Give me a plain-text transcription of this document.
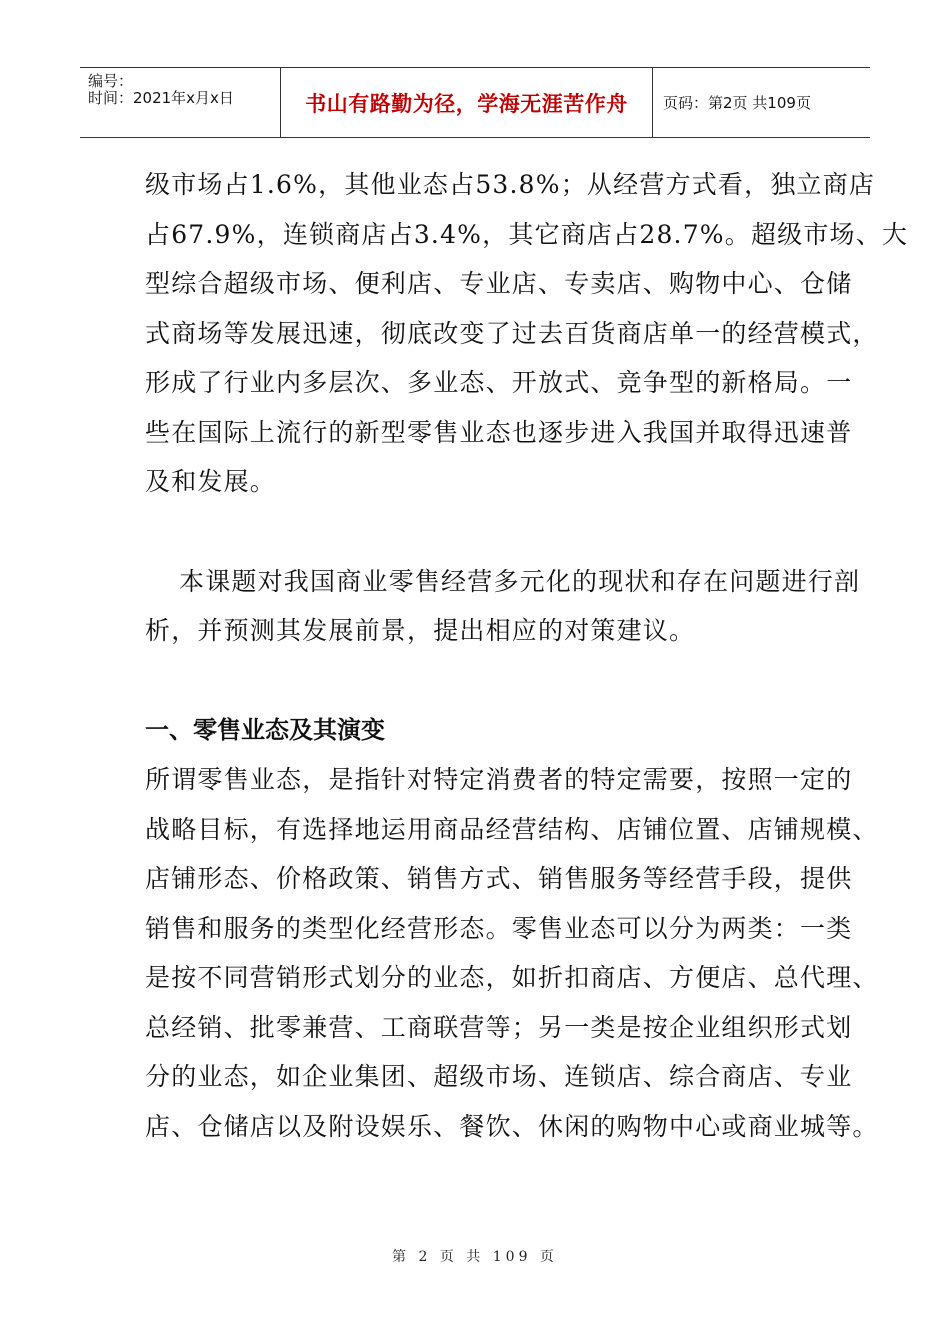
编号：
时间：2021年x月x日	书山有路勤为径，学海无涯苦作舟 页码：第2页 共109页
级市场占1.6%，其他业态占53.8%；从经营方式看，独立商店
占67.9%，连锁商店占3.4%，其它商店占28.7%。超级市场、大
型综合超级市场、便利店、专业店、专卖店、购物中心、仓储
式商场等发展迅速，彻底改变了过去百货商店单一的经营模式，
形成了行业内多层次、多业态、开放式、竞争型的新格局。一
些在国际上流行的新型零售业态也逐步进入我国并取得迅速普
及和发展。
本课题对我国商业零售经营多元化的现状和存在问题进行剖
析，并预测其发展前景，提出相应的对策建议。
一、零售业态及其演变
所谓零售业态，是指针对特定消费者的特定需要，按照一定的
战略目标，有选择地运用商品经营结构、店铺位置、店铺规模、
店铺形态、价格政策、销售方式、销售服务等经营手段，提供
销售和服务的类型化经营形态。零售业态可以分为两类：一类
是按不同营销形式划分的业态，如折扣商店、方便店、总代理、
总经销、批零兼营、工商联营等；另一类是按企业组织形式划
分的业态，如企业集团、超级市场、连锁店、综合商店、专业
店、仓储店以及附设娱乐、餐饮、休闲的购物中心或商业城等。
第 2 页 共 109 页
